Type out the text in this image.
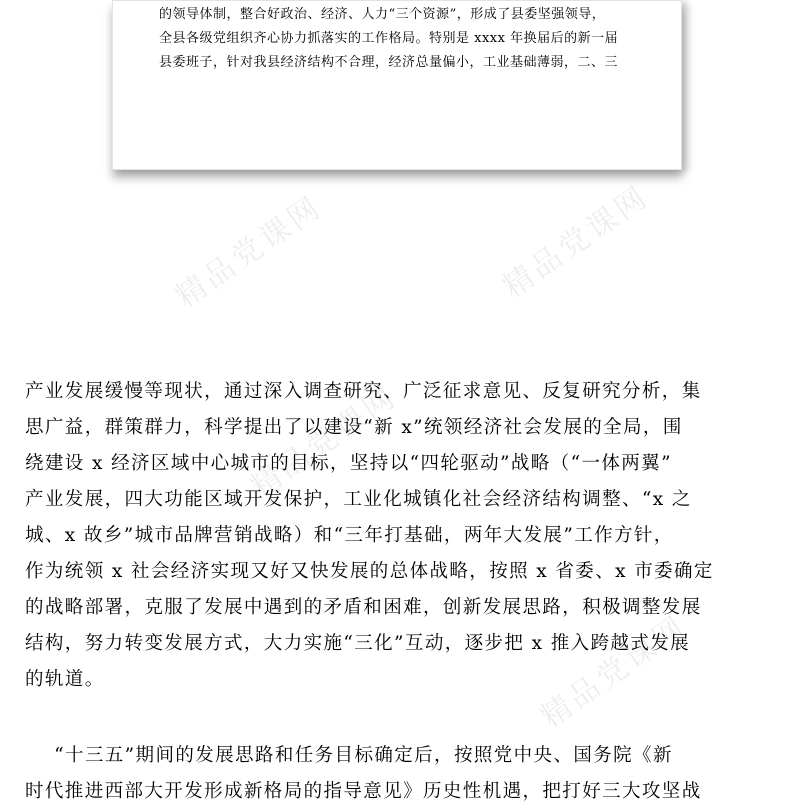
的领导体制，整合好政治、经济、人力“三个资源”，形成了县委坚强领导，
全县各级党组织齐心协力抓落实的工作格局。特别是 xxxx 年换届后的新一届
县委班子，针对我县经济结构不合理，经济总量偏小，工业基础薄弱，二、三
精品党课网	精品党课网
精品党课网
精品党课网
产业发展缓慢等现状，通过深入调查研究、广泛征求意见、反复研究分析，集
思广益，群策群力，科学提出了以建设“新 x”统领经济社会发展的全局，围
绕建设 x 经济区域中心城市的目标，坚持以“四轮驱动”战略（“一体两翼”
产业发展，四大功能区域开发保护，工业化城镇化社会经济结构调整、“x 之
城、x 故乡”城市品牌营销战略）和“三年打基础，两年大发展”工作方针，
作为统领 x 社会经济实现又好又快发展的总体战略，按照 x 省委、x 市委确定
的战略部署，克服了发展中遇到的矛盾和困难，创新发展思路，积极调整发展
结构，努力转变发展方式，大力实施“三化”互动，逐步把 x 推入跨越式发展
的轨道。
“十三五”期间的发展思路和任务目标确定后，按照党中央、国务院《新
时代推进西部大开发形成新格局的指导意见》历史性机遇，把打好三大攻坚战
